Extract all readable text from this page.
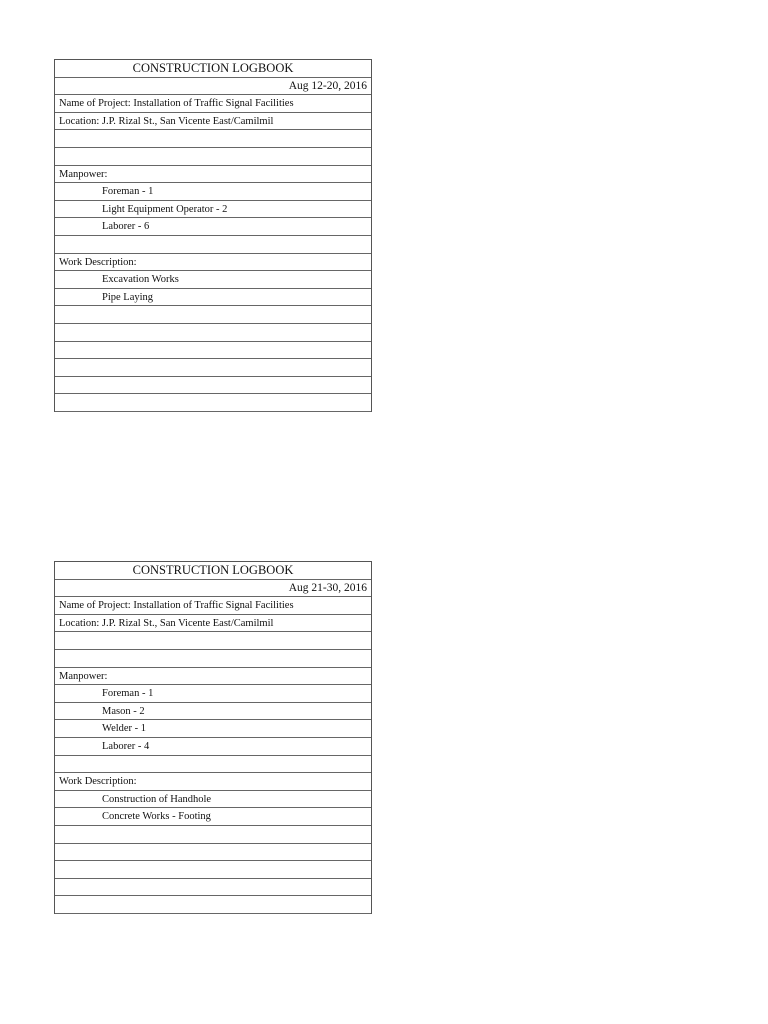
CONSTRUCTION LOGBOOK
Aug 12-20, 2016
Name of Project: Installation of Traffic Signal Facilities
Location: J.P. Rizal St., San Vicente East/Camilmil
Manpower:
Foreman - 1
Light Equipment Operator - 2
Laborer - 6
Work Description:
Excavation Works
Pipe Laying
CONSTRUCTION LOGBOOK
Aug 21-30, 2016
Name of Project: Installation of Traffic Signal Facilities
Location: J.P. Rizal St., San Vicente East/Camilmil
Manpower:
Foreman - 1
Mason - 2
Welder - 1
Laborer - 4
Work Description:
Construction of Handhole
Concrete Works - Footing
